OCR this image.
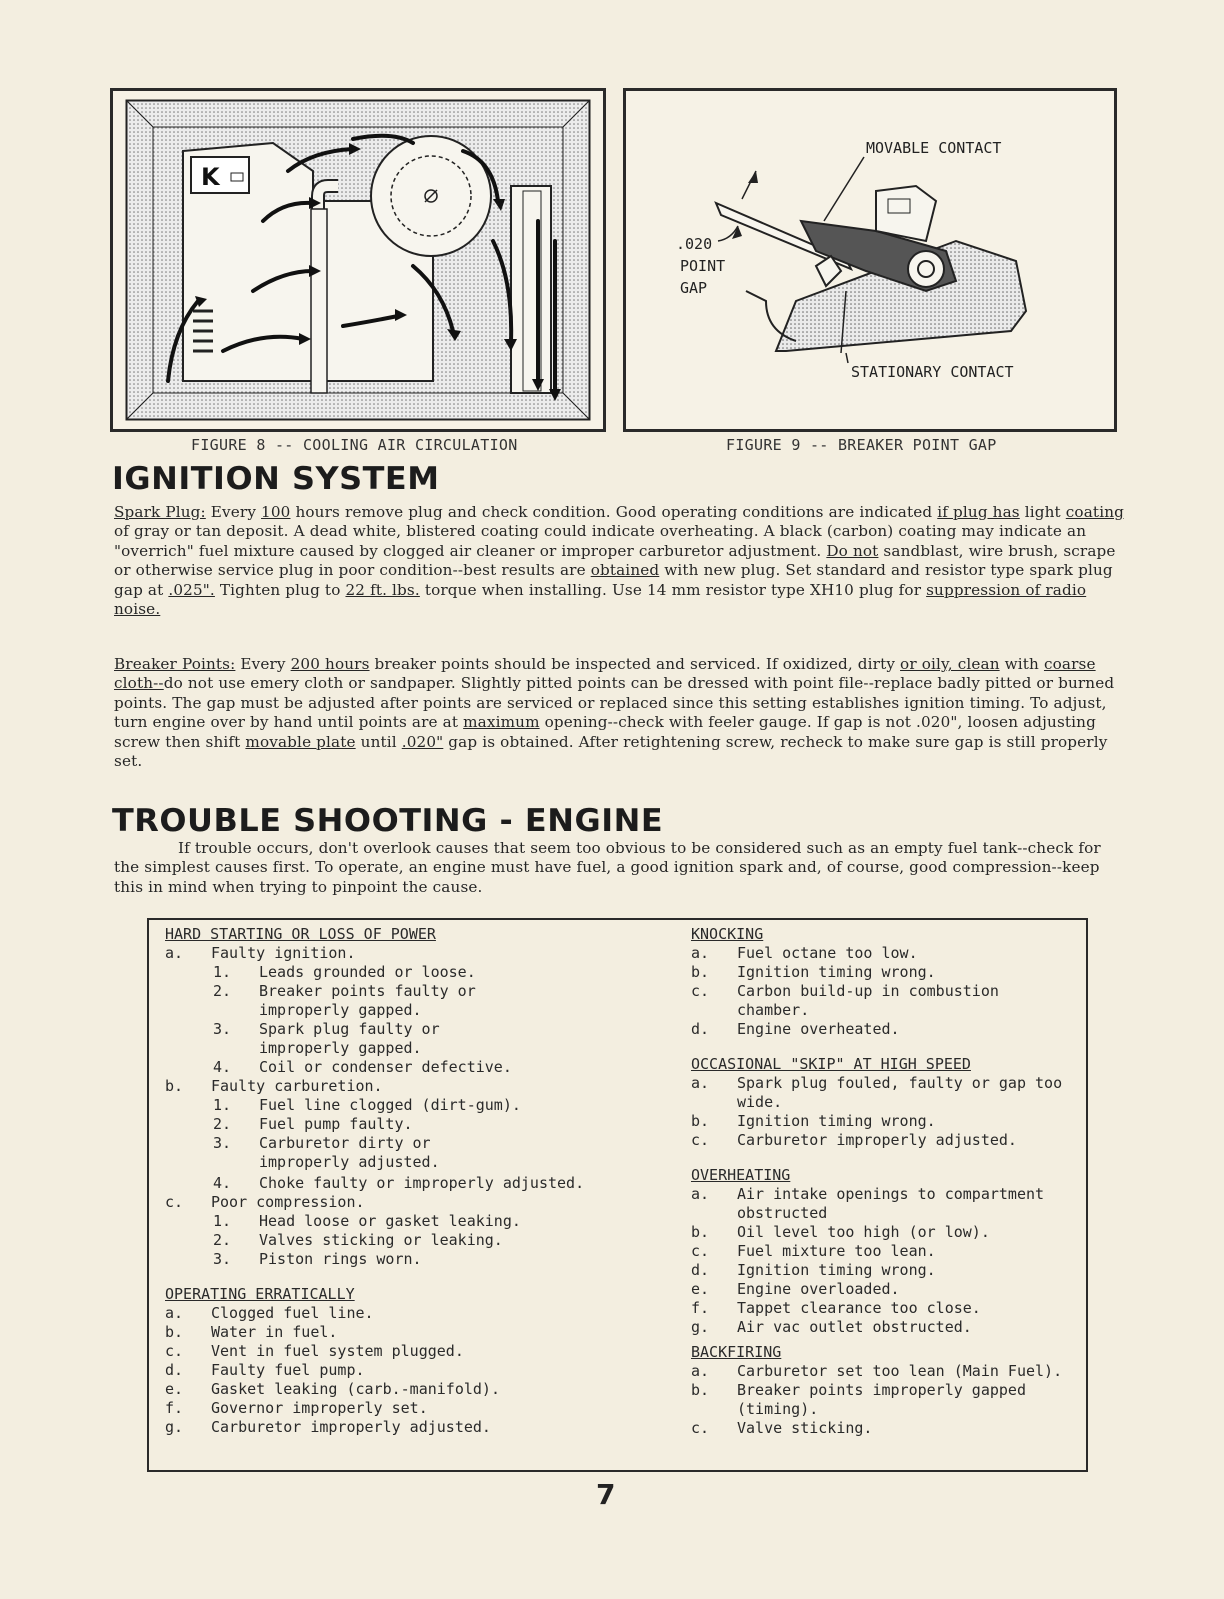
K
FIGURE 8 -- COOLING AIR CIRCULATION
MOVABLE CONTACT
.020
POINT
GAP
STATIONARY CONTACT
FIGURE 9 -- BREAKER POINT GAP
IGNITION SYSTEM

Spark Plug: Every 100 hours remove plug and check condition. Good operating conditions are indicated if plug has light coating of gray or tan deposit. A dead white, blistered coating could indicate overheating. A black (carbon) coating may indicate an "overrich" fuel mixture caused by clogged air cleaner or improper carburetor adjustment. Do not sandblast, wire brush, scrape or otherwise service plug in poor condition--best results are obtained with new plug. Set standard and resistor type spark plug gap at .025". Tighten plug to 22 ft. lbs. torque when installing. Use 14 mm resistor type XH10 plug for suppression of radio noise.

Breaker Points: Every 200 hours breaker points should be inspected and serviced. If oxidized, dirty or oily, clean with coarse cloth--do not use emery cloth or sandpaper. Slightly pitted points can be dressed with point file--replace badly pitted or burned points. The gap must be adjusted after points are serviced or replaced since this setting establishes ignition timing. To adjust, turn engine over by hand until points are at maximum opening--check with feeler gauge. If gap is not .020", loosen adjusting screw then shift movable plate until .020" gap is obtained. After retightening screw, recheck to make sure gap is still properly set.

TROUBLE SHOOTING - ENGINE

If trouble occurs, don't overlook causes that seem too obvious to be considered such as an empty fuel tank--check for the simplest causes first. To operate, an engine must have fuel, a good ignition spark and, of course, good compression--keep this in mind when trying to pinpoint the cause.

HARD STARTING OR LOSS OF POWER
a.	Faulty ignition.
1.	Leads grounded or loose.
2.	Breaker points faulty or improperly gapped.
3.	Spark plug faulty or improperly gapped.
4.	Coil or condenser defective.
b.	Faulty carburetion.
1.	Fuel line clogged (dirt-gum).
2.	Fuel pump faulty.
3.	Carburetor dirty or improperly adjusted.
4.	Choke faulty or improperly adjusted.
c.	Poor compression.
1.	Head loose or gasket leaking.
2.	Valves sticking or leaking.
3.	Piston rings worn.
OPERATING ERRATICALLY
a.	Clogged fuel line.
b.	Water in fuel.
c.	Vent in fuel system plugged.
d.	Faulty fuel pump.
e.	Gasket leaking (carb.-manifold).
f.	Governor improperly set.
g.	Carburetor improperly adjusted.
KNOCKING
a.	Fuel octane too low.
b.	Ignition timing wrong.
c.	Carbon build-up in combustion chamber.
d.	Engine overheated.
OCCASIONAL "SKIP" AT HIGH SPEED
a.	Spark plug fouled, faulty or gap too wide.
b.	Ignition timing wrong.
c.	Carburetor improperly adjusted.
OVERHEATING
a.	Air intake openings to compartment obstructed
b.	Oil level too high (or low).
c.	Fuel mixture too lean.
d.	Ignition timing wrong.
e.	Engine overloaded.
f.	Tappet clearance too close.
g.	Air vac outlet obstructed.
BACKFIRING
a.	Carburetor set too lean (Main Fuel).
b.	Breaker points improperly gapped (timing).
c.	Valve sticking.
7
